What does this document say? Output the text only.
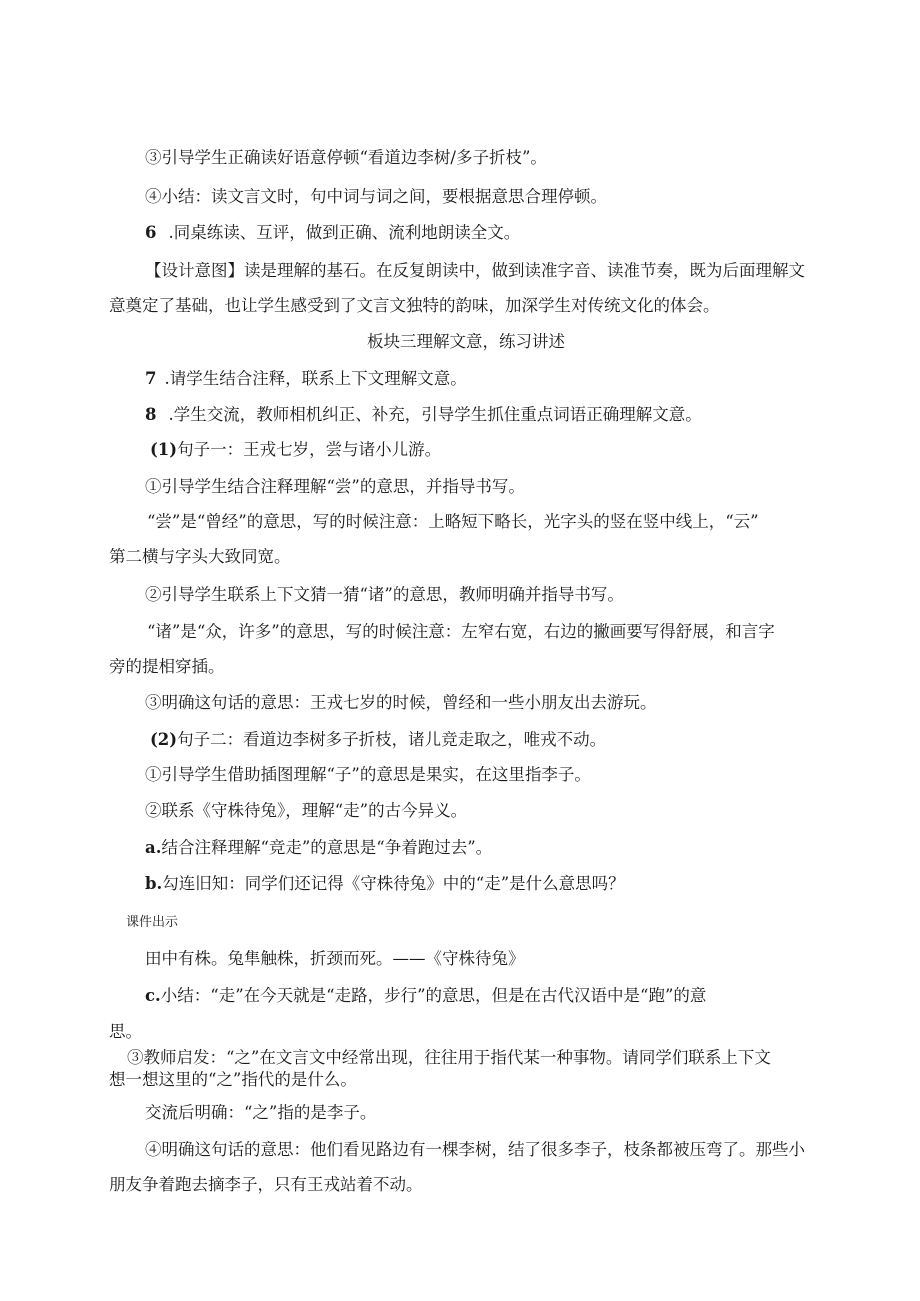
③引导学生正确读好语意停顿“看道边李树/多子折枝”。
④小结：读文言文时，句中词与词之间，要根据意思合理停顿。
6 .同桌练读、互评，做到正确、流利地朗读全文。
【设计意图】读是理解的基石。在反复朗读中，做到读准字音、读准节奏，既为后面理解文
意奠定了基础，也让学生感受到了文言文独特的韵味，加深学生对传统文化的体会。
板块三理解文意，练习讲述
7 .请学生结合注释，联系上下文理解文意。
8 .学生交流，教师相机纠正、补充，引导学生抓住重点词语正确理解文意。
(1)句子一：王戎七岁，尝与诸小儿游。
①引导学生结合注释理解“尝”的意思，并指导书写。
“尝”是“曾经”的意思，写的时候注意：上略短下略长，光字头的竖在竖中线上，“云”
第二横与字头大致同宽。
②引导学生联系上下文猜一猜“诸”的意思，教师明确并指导书写。
“诸”是“众，许多”的意思，写的时候注意：左窄右宽，右边的撇画要写得舒展，和言字
旁的提相穿插。
③明确这句话的意思：王戎七岁的时候，曾经和一些小朋友出去游玩。
(2)句子二：看道边李树多子折枝，诸儿竞走取之，唯戎不动。
①引导学生借助插图理解“子”的意思是果实，在这里指李子。
②联系《守株待兔》，理解“走”的古今异义。
a.结合注释理解“竞走”的意思是“争着跑过去”。
b.勾连旧知：同学们还记得《守株待兔》中的“走”是什么意思吗？
课件出示
田中有株。兔隼触株，折颈而死。——《守株待兔》
c.小结：“走”在今天就是“走路，步行”的意思，但是在古代汉语中是“跑”的意
思。
③教师启发：“之”在文言文中经常出现，往往用于指代某一种事物。请同学们联系上下文
想一想这里的“之”指代的是什么。
交流后明确：“之”指的是李子。
④明确这句话的意思：他们看见路边有一棵李树，结了很多李子，枝条都被压弯了。那些小
朋友争着跑去摘李子，只有王戎站着不动。
